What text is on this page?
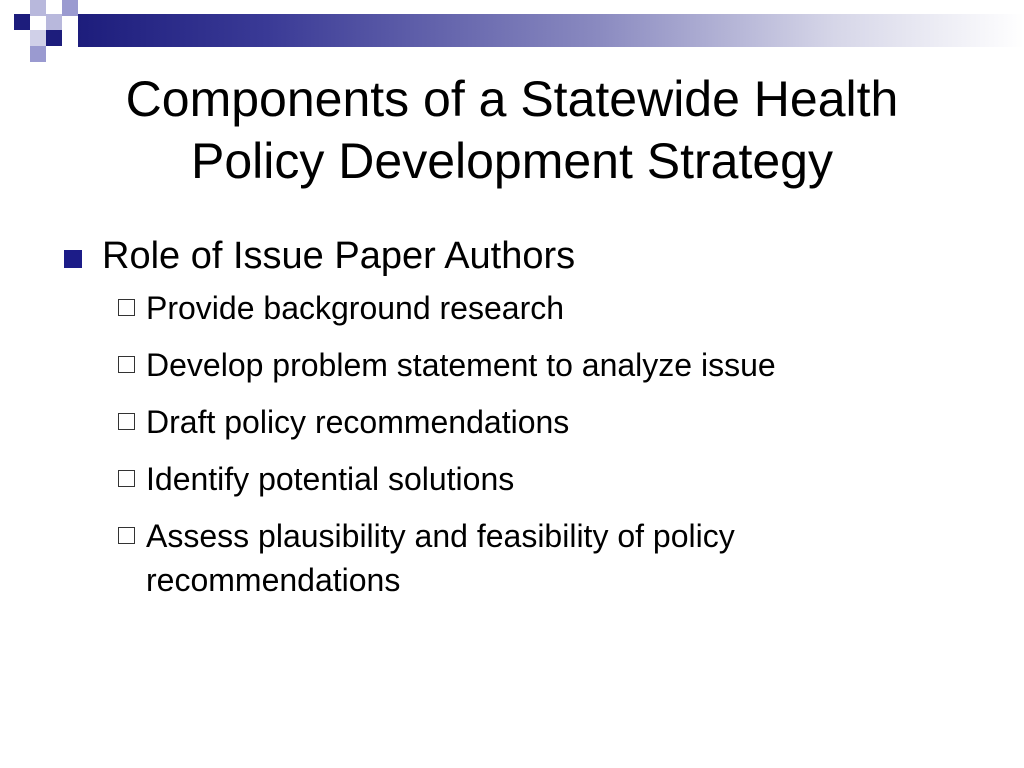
Components of a Statewide Health
Policy Development Strategy
Role of Issue Paper Authors
Provide background research
Develop problem statement to analyze issue
Draft policy recommendations
Identify potential solutions
Assess plausibility and feasibility of policy recommendations
